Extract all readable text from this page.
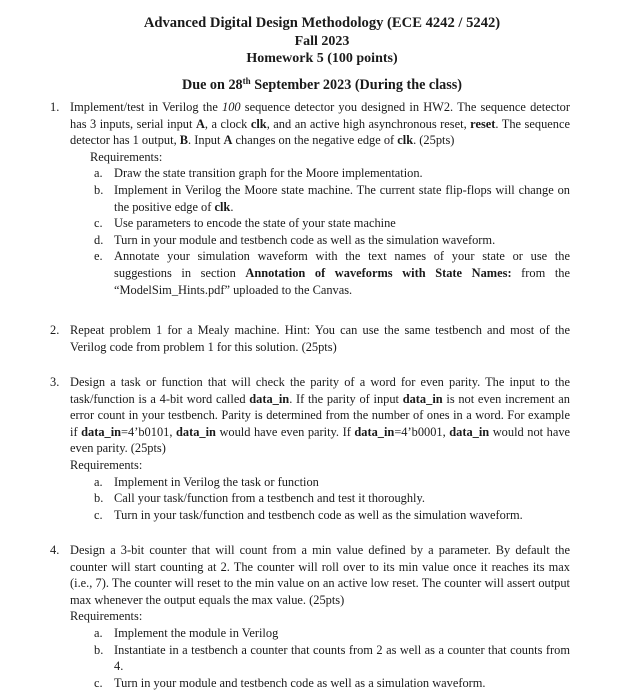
Advanced Digital Design Methodology (ECE 4242 / 5242)
Fall 2023
Homework 5 (100 points)
Due on 28th September 2023 (During the class)
1. Implement/test in Verilog the 100 sequence detector you designed in HW2. The sequence detector has 3 inputs, serial input A, a clock clk, and an active high asynchronous reset, reset. The sequence detector has 1 output, B. Input A changes on the negative edge of clk. (25pts)
Requirements:
a. Draw the state transition graph for the Moore implementation.
b. Implement in Verilog the Moore state machine. The current state flip-flops will change on the positive edge of clk.
c. Use parameters to encode the state of your state machine
d. Turn in your module and testbench code as well as the simulation waveform.
e. Annotate your simulation waveform with the text names of your state or use the suggestions in section Annotation of waveforms with State Names: from the “ModelSim_Hints.pdf” uploaded to the Canvas.
2. Repeat problem 1 for a Mealy machine. Hint: You can use the same testbench and most of the Verilog code from problem 1 for this solution. (25pts)
3. Design a task or function that will check the parity of a word for even parity. The input to the task/function is a 4-bit word called data_in. If the parity of input data_in is not even increment an error count in your testbench. Parity is determined from the number of ones in a word. For example if data_in=4’b0101, data_in would have even parity. If data_in=4’b0001, data_in would not have even parity. (25pts)
Requirements:
a. Implement in Verilog the task or function
b. Call your task/function from a testbench and test it thoroughly.
c. Turn in your task/function and testbench code as well as the simulation waveform.
4. Design a 3-bit counter that will count from a min value defined by a parameter. By default the counter will start counting at 2. The counter will roll over to its min value once it reaches its max (i.e., 7). The counter will reset to the min value on an active low reset. The counter will assert output max whenever the output equals the max value. (25pts)
Requirements:
a. Implement the module in Verilog
b. Instantiate in a testbench a counter that counts from 2 as well as a counter that counts from 4.
c. Turn in your module and testbench code as well as a simulation waveform.
